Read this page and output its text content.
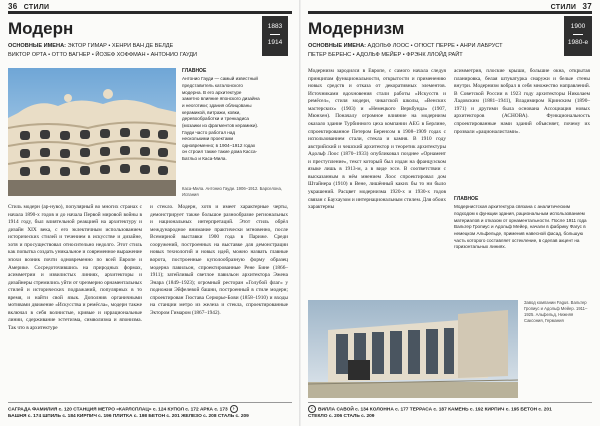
36 СТИЛИ
Модерн	1883
1914
ОСНОВНЫЕ ИМЕНА: ЭКТОР ГИМАР • ХЕНРИ ВАН ДЕ ВЕЛДЕ
ВИКТОР ОРТА • ОТТО ВАГНЕР • ЙОЗЕФ ХОФФМАН • АНТОНИО ГАУДИ
ГЛАВНОЕ
Антонио Гауди — самый известный представитель каталонского модерна. В его архитектуре заметно влияние японского дизайна и неоготики; здания облицованы керамикой, витражи, ковки, деревообработки и тренкадиса (мозаики из фрагментов керамики). Гауди часто работал над несколькими проектами одновременно; в 1904–1912 годах он строил также такие дома Касса-Батльо и Каса-Мила.
Каса-Мила. Антонио Гауди. 1906–1912. Барселона, Испания
Стиль модерн (ар-нуво), популярный во многих странах с начала 1890-х годов и до начала Первой мировой войны в 1914 году, был влиятельной реакцией на архитектуру и дизайн XIX века, с его эклектичным использованием исторических стилей и течением в искусстве и дизайне, хотя и просуществовал относительно недолго. Этот стиль как попытка создать уникальное и современное выражение эпохи возник почти одновременно по всей Европе и Америке. Сосредоточившись на природных формах, асимметрии и извилистых линиях, архитекторы и дизайнеры стремились уйти от чрезмерно орнаментальных стилей и исторических подражаний, популярных в то время, и найти свой язык. Дополнив органичными мотивами движение «Искусства и ремёсла», модерн также включал в себя волнистые, кривые и иррациональные линии, сдерживание эстетизма, символизма и японизма. Так что в архитектуре
и стекло. Модерн, хотя и имеет характерные черты, демонстрирует также большое разнообразие региональных и национальных интерпретаций. Этот стиль обрёл международное внимание практически мгновенно, после Всемирной выставки 1900 года в Париже. Среди сооружений, построенных на выставке для демонстрации новых технологий и новых идей, можно назвать главные ворота, построенные куполообразную форму образец модерна павильон, спроектированные Рене Бине (1866–1911); затейливый светлое павильон архитектора Эжена Энара (1849–1923); огромный ресторан «Голубой флаг» у подножия Эйфелевой башни, построенный в стиле модерн; спроектирован Гюстава Серюрье-Бови (1858–1910) и входы на станции метро из железа и стекла, спроектированные Эктором Гимаром (1867–1942).
САГРАДА ФАМИЛИЯ с. 120 СТАНЦИЯ МЕТРО «КАРЛСПЛАЦ» с. 124 КУПОЛ с. 172 АРКА с. 173 ›
БАШНЯ с. 174 ШПИЛЬ с. 184 КИРПИЧ с. 196 ПЛИТКА с. 198 БЕТОН с. 201 ЖЕЛЕЗО с. 208 СТАЛЬ с. 209
СТИЛИ 37
Модернизм	1900
1980-е
ОСНОВНЫЕ ИМЕНА: АДОЛЬФ ЛООС • ОГЮСТ ПЕРРЕ • АНРИ ЛАБРУСТ
ПЕТЕР БЕРЕНС • АДОЛЬФ МЕЙЕР • ФРЭНК ЛЛОЙД РАЙТ
Модернизм зародился в Европе, с самого начала следуя принципам функциональности, открытости и применению новых средств и отказа от декоративных элементов. Источниками вдохновения стали работы «Искусств и ремёсел», стиля модерн, чикагской школы, «Венских мастерских» (1903) и «Немецкого Веркбунда» (1907, Мюнхен). Поначалу огромное влияние на модернизм оказало здание Турбинного цеха компании AEG в Берлине, спроектированное Петером Беренсом в 1908–1909 годах с использованием стали, стекла и камня. В 1910 году австрийский и чешский архитектор и теоретик архитектуры Адольф Лоос (1870–1933) опубликовал позднее «Орнамент и преступление», текст который был издан на французском языке лишь в 1913-м, а в виде эссе. В соответствии с высказанным в нём мнением Лоос спроектировал дом Штайнера (1910) в Вене, лишённый каких бы то ни было украшений. Расцвет модернизма 1920-х и 1930-х годов связан с Баухаузом и интернациональным стилем. Для обоих характерны
асимметрия, плоские крыши, большие окна, открытая планировка, белая штукатурка снаружи и белые стены внутри. Модернизм вобрал в себя множество направлений. В Советской России в 1923 году архитекторы Николаем Ладовским (1881–1941), Владимиром Кринским (1890–1971) и другими была основана Ассоциация новых архитекторов (АСНОВА). Функциональность спроектированные нами зданий объясняет, почему их прозвали «рационалистами».
ГЛАВНОЕ
Модернистская архитектура связана с аналитическим подходом к функции здания, рациональным использованием материалов и отказом от орнаментальности. После 1911 года Вальтер Гропиус и Адольф Мейер, начали в фабрику Фагус в немецком Альфельде, применив навесной фасад, большую часть которого составляет остекление, в сделав акцент на горизонтальных линиях.
Завод компании Fagus. Вальтер Гропиус и Адольф Мейер. 1911–1925. Альфельд, Нижняя Саксония, Германия
‹ ВИЛЛА САВОЙ с. 134 КОЛОННА с. 177 ТЕРРАСА с. 187 КАМЕНЬ с. 192 КИРПИЧ с. 195 БЕТОН с. 201
СТЕКЛО с. 206 СТАЛЬ с. 209
